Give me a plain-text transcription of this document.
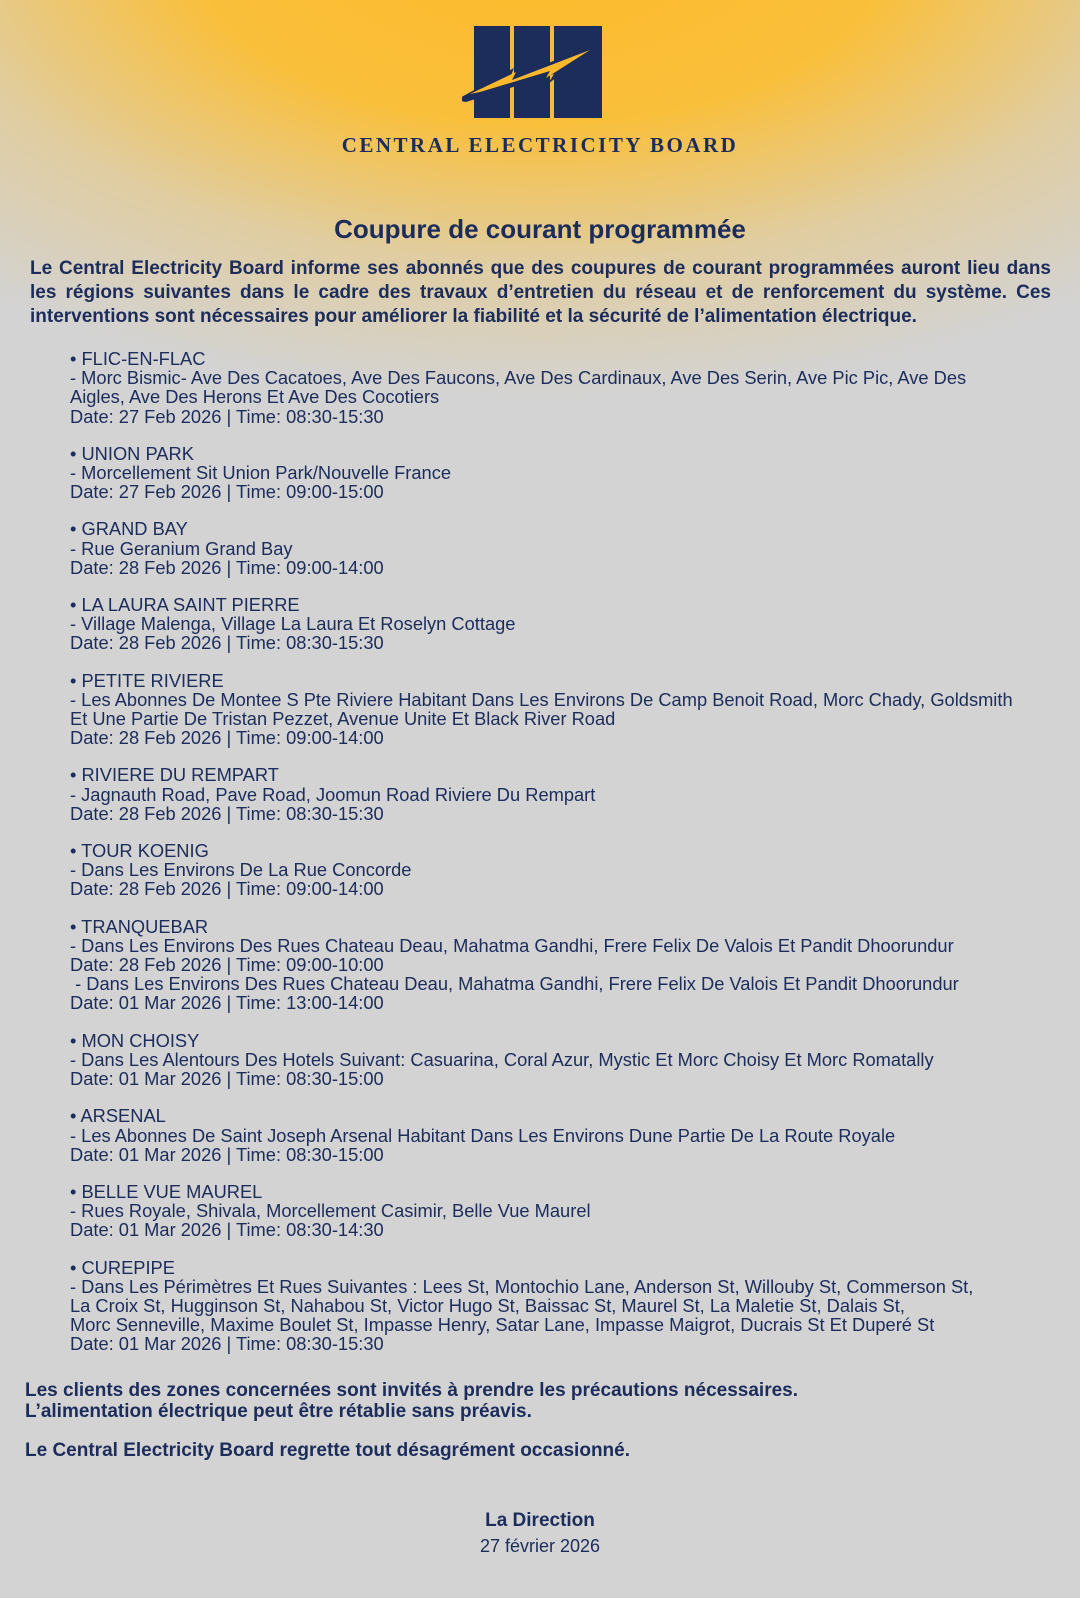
CENTRAL ELECTRICITY BOARD
Coupure de courant programmée
Le Central Electricity Board informe ses abonnés que des coupures de courant programmées auront lieu dans les régions suivantes dans le cadre des travaux d’entretien du réseau et de renforcement du système. Ces interventions sont nécessaires pour améliorer la fiabilité et la sécurité de l’alimentation électrique.
• FLIC-EN-FLAC
- Morc Bismic- Ave Des Cacatoes, Ave Des Faucons, Ave Des Cardinaux, Ave Des Serin, Ave Pic Pic, Ave Des
Aigles, Ave Des Herons Et Ave Des Cocotiers
Date: 27 Feb 2026 | Time: 08:30-15:30
• UNION PARK
- Morcellement Sit Union Park/Nouvelle France
Date: 27 Feb 2026 | Time: 09:00-15:00
• GRAND BAY
- Rue Geranium Grand Bay
Date: 28 Feb 2026 | Time: 09:00-14:00
• LA LAURA SAINT PIERRE
- Village Malenga, Village La Laura Et Roselyn Cottage
Date: 28 Feb 2026 | Time: 08:30-15:30
• PETITE RIVIERE
- Les Abonnes De Montee S Pte Riviere Habitant Dans Les Environs De Camp Benoit Road, Morc Chady, Goldsmith
Et Une Partie De Tristan Pezzet, Avenue Unite Et Black River Road
Date: 28 Feb 2026 | Time: 09:00-14:00
• RIVIERE DU REMPART
- Jagnauth Road, Pave Road, Joomun Road Riviere Du Rempart
Date: 28 Feb 2026 | Time: 08:30-15:30
• TOUR KOENIG
- Dans Les Environs De La Rue Concorde
Date: 28 Feb 2026 | Time: 09:00-14:00
• TRANQUEBAR
- Dans Les Environs Des Rues Chateau Deau, Mahatma Gandhi, Frere Felix De Valois Et Pandit Dhoorundur
Date: 28 Feb 2026 | Time: 09:00-10:00
- Dans Les Environs Des Rues Chateau Deau, Mahatma Gandhi, Frere Felix De Valois Et Pandit Dhoorundur
Date: 01 Mar 2026 | Time: 13:00-14:00
• MON CHOISY
- Dans Les Alentours Des Hotels Suivant: Casuarina, Coral Azur, Mystic Et Morc Choisy Et Morc Romatally
Date: 01 Mar 2026 | Time: 08:30-15:00
• ARSENAL
- Les Abonnes De Saint Joseph Arsenal Habitant Dans Les Environs Dune Partie De La Route Royale
Date: 01 Mar 2026 | Time: 08:30-15:00
• BELLE VUE MAUREL
- Rues Royale, Shivala, Morcellement Casimir, Belle Vue Maurel
Date: 01 Mar 2026 | Time: 08:30-14:30
• CUREPIPE
- Dans Les Périmètres Et Rues Suivantes : Lees St, Montochio Lane, Anderson St, Willouby St, Commerson St,
La Croix St, Hugginson St, Nahabou St, Victor Hugo St, Baissac St, Maurel St, La Maletie St, Dalais St,
Morc Senneville, Maxime Boulet St, Impasse Henry, Satar Lane, Impasse Maigrot, Ducrais St Et Duperé St
Date: 01 Mar 2026 | Time: 08:30-15:30
Les clients des zones concernées sont invités à prendre les précautions nécessaires.
L’alimentation électrique peut être rétablie sans préavis.
Le Central Electricity Board regrette tout désagrément occasionné.
La Direction
27 février 2026
